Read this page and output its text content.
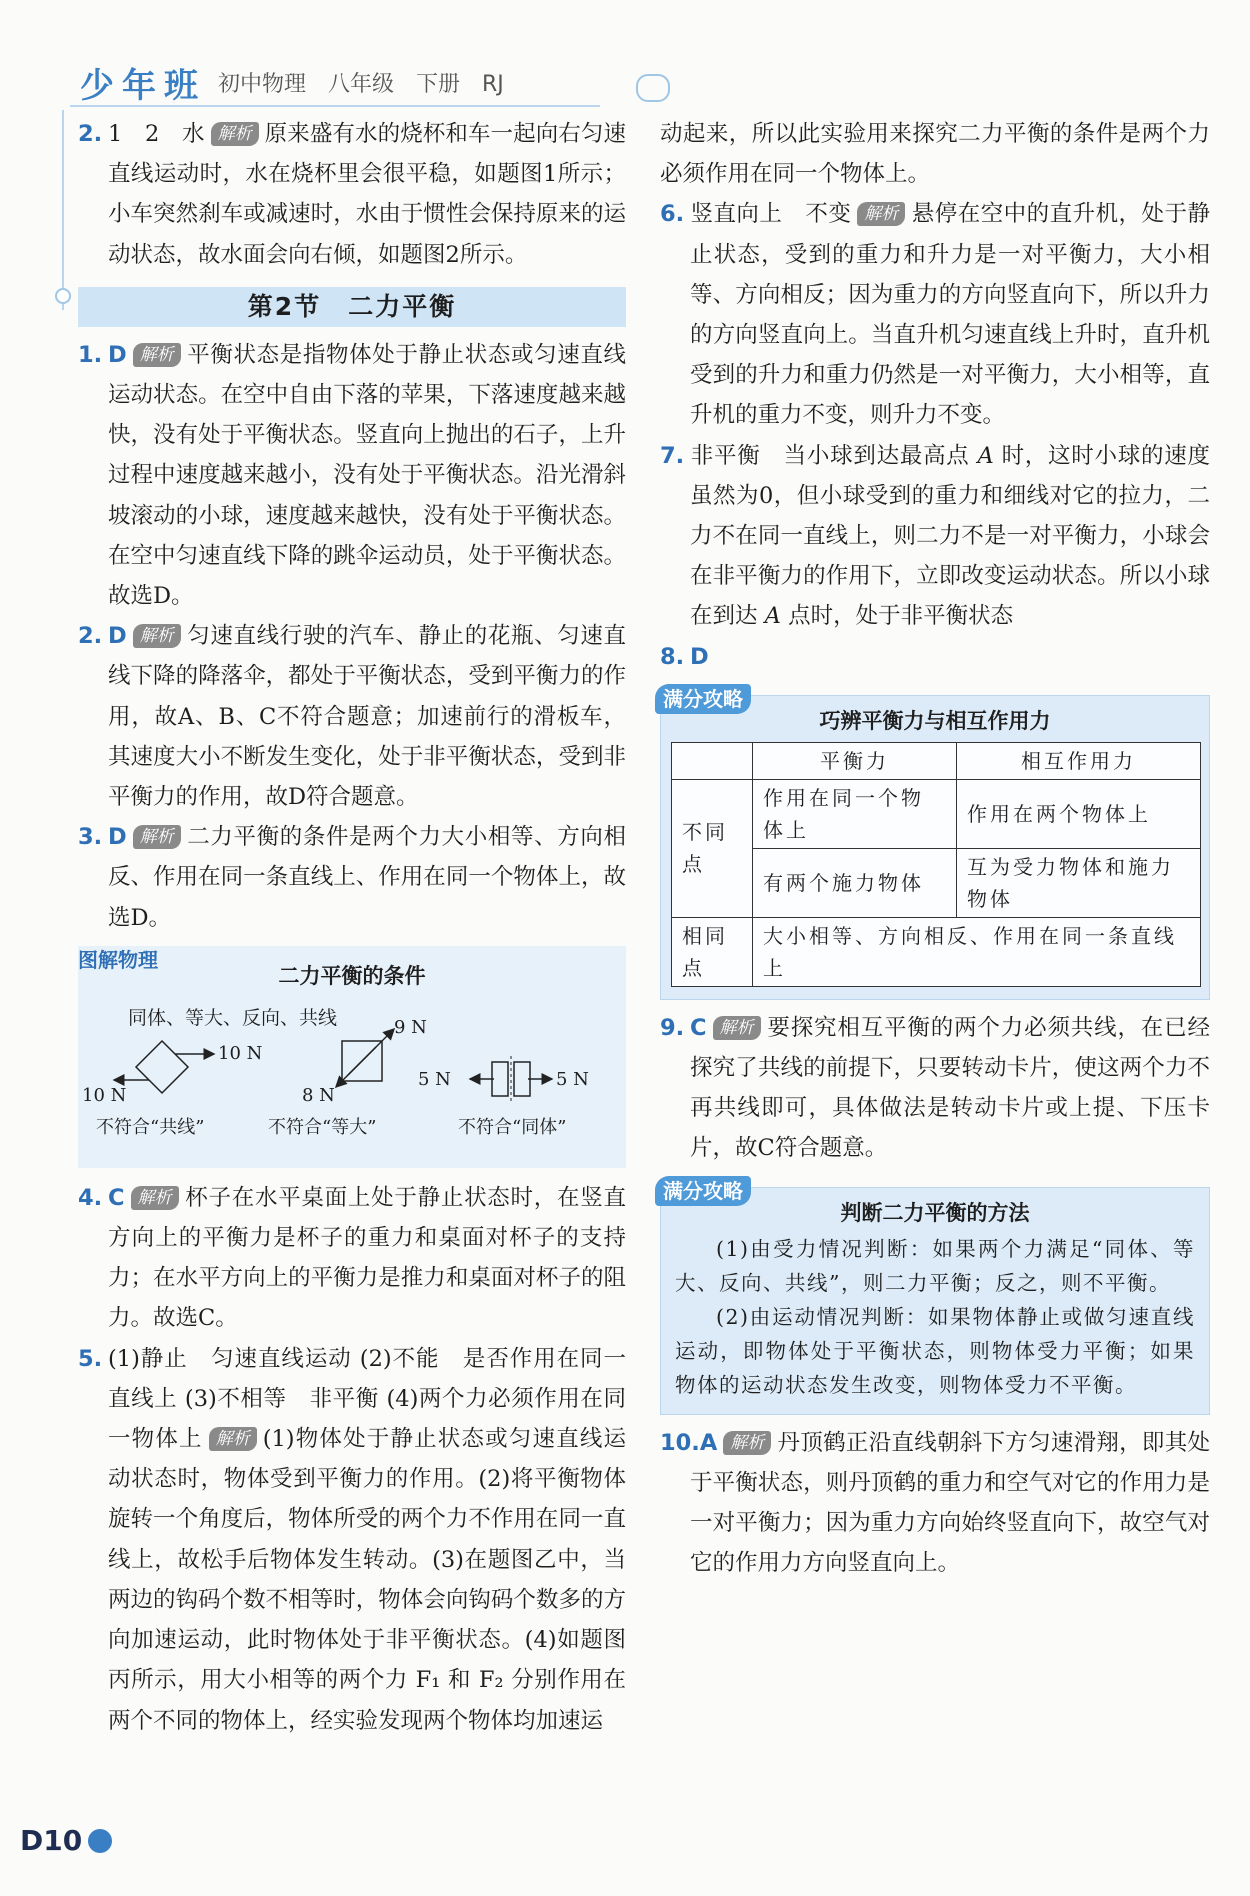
少年班 初中物理　八年级　下册　RJ

2. 1　2　水 解析 原来盛有水的烧杯和车一起向右匀速直线运动时，水在烧杯里会很平稳，如题图1所示；小车突然刹车或减速时，水由于惯性会保持原来的运动状态，故水面会向右倾，如题图2所示。

第2节　二力平衡

1. D 解析 平衡状态是指物体处于静止状态或匀速直线运动状态。在空中自由下落的苹果，下落速度越来越快，没有处于平衡状态。竖直向上抛出的石子，上升过程中速度越来越小，没有处于平衡状态。沿光滑斜坡滚动的小球，速度越来越快，没有处于平衡状态。在空中匀速直线下降的跳伞运动员，处于平衡状态。故选D。

2. D 解析 匀速直线行驶的汽车、静止的花瓶、匀速直线下降的降落伞，都处于平衡状态，受到平衡力的作用，故A、B、C不符合题意；加速前行的滑板车，其速度大小不断发生变化，处于非平衡状态，受到非平衡力的作用，故D符合题意。

3. D 解析 二力平衡的条件是两个力大小相等、方向相反、作用在同一条直线上、作用在同一个物体上，故选D。

图解物理
二力平衡的条件
同体、等大、反向、共线
10 N
10 N
9 N
8 N
5 N	5 N
不符合“共线”	不符合“等大”	不符合“同体”

4. C 解析 杯子在水平桌面上处于静止状态时，在竖直方向上的平衡力是杯子的重力和桌面对杯子的支持力；在水平方向上的平衡力是推力和桌面对杯子的阻力。故选C。

5. (1)静止　匀速直线运动 (2)不能　是否作用在同一直线上 (3)不相等　非平衡 (4)两个力必须作用在同一物体上 解析 (1)物体处于静止状态或匀速直线运动状态时，物体受到平衡力的作用。(2)将平衡物体旋转一个角度后，物体所受的两个力不作用在同一直线上，故松手后物体发生转动。(3)在题图乙中，当两边的钩码个数不相等时，物体会向钩码个数多的方向加速运动，此时物体处于非平衡状态。(4)如题图丙所示，用大小相等的两个力 F₁ 和 F₂ 分别作用在两个不同的物体上，经实验发现两个物体均加速运

动起来，所以此实验用来探究二力平衡的条件是两个力必须作用在同一个物体上。

6. 竖直向上　不变 解析 悬停在空中的直升机，处于静止状态，受到的重力和升力是一对平衡力，大小相等、方向相反；因为重力的方向竖直向下，所以升力的方向竖直向上。当直升机匀速直线上升时，直升机受到的升力和重力仍然是一对平衡力，大小相等，直升机的重力不变，则升力不变。

7. 非平衡　 当小球到达最高点 A 时，这时小球的速度虽然为0，但小球受到的重力和细线对它的拉力，二力不在同一直线上，则二力不是一对平衡力，小球会在非平衡力的作用下，立即改变运动状态。所以小球在到达 A 点时，处于非平衡状态

8. D

满分攻略
巧辨平衡力与相互作用力
	平衡力	相互作用力
不同点	作用在同一个物体上	作用在两个物体上
	有两个施力物体	互为受力物体和施力物体
相同点	大小相等、方向相反、作用在同一条直线上	

9. C 解析 要探究相互平衡的两个力必须共线，在已经探究了共线的前提下，只要转动卡片，使这两个力不再共线即可，具体做法是转动卡片或上提、下压卡片，故C符合题意。

满分攻略
判断二力平衡的方法

(1)由受力情况判断：如果两个力满足“同体、等大、反向、共线”，则二力平衡；反之，则不平衡。

(2)由运动情况判断：如果物体静止或做匀速直线运动，即物体处于平衡状态，则物体受力平衡；如果物体的运动状态发生改变，则物体受力不平衡。

10.A 解析 丹顶鹤正沿直线朝斜下方匀速滑翔，即其处于平衡状态，则丹顶鹤的重力和空气对它的作用力是一对平衡力；因为重力方向始终竖直向下，故空气对它的作用力方向竖直向上。

D10
